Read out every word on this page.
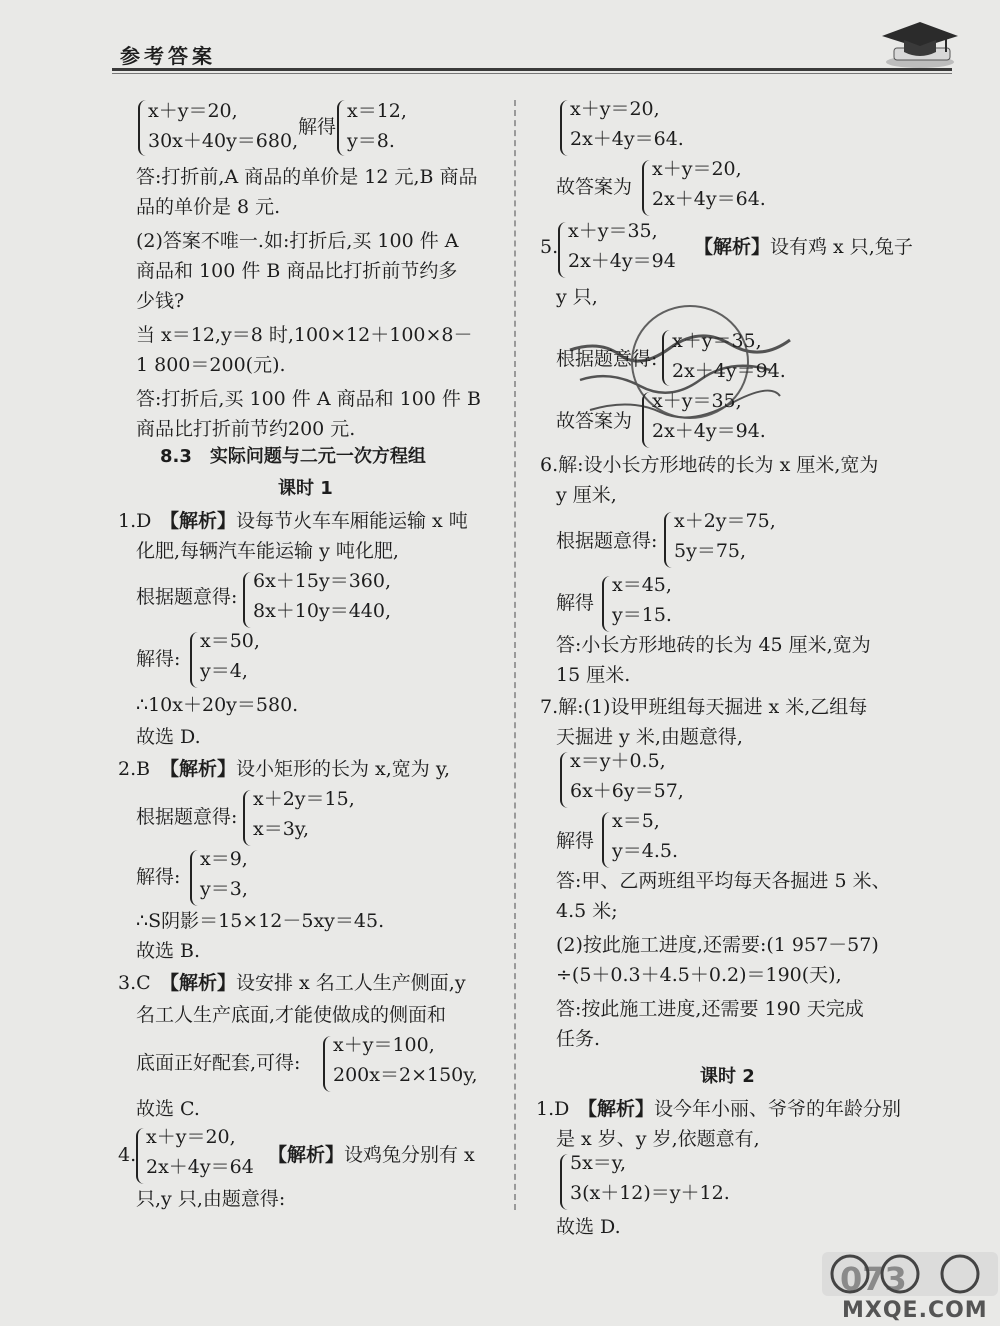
参考答案
x＋y＝20,
30x＋40y＝680,
解得
x＝12,
y＝8.
答:打折前,A 商品的单价是 12 元,B 商品
品的单价是 8 元.
(2)答案不唯一.如:打折后,买 100 件 A
商品和 100 件 B 商品比打折前节约多
少钱?
当 x＝12,y＝8 时,100×12＋100×8－
1 800＝200(元).
答:打折后,买 100 件 A 商品和 100 件 B
商品比打折前节约200 元.
8.3　实际问题与二元一次方程组
课时 1
1.D 【解析】 设每节火车车厢能运输 x 吨
化肥,每辆汽车能运输 y 吨化肥,
根据题意得:
6x＋15y＝360,
8x＋10y＝440,
解得:
x＝50,
y＝4,
∴10x＋20y＝580.
故选 D.
2.B 【解析】 设小矩形的长为 x,宽为 y,
根据题意得:
x＋2y＝15,
x＝3y,
解得:
x＝9,
y＝3,
∴S阴影＝15×12－5xy＝45.
故选 B.
3.C 【解析】 设安排 x 名工人生产侧面,y
名工人生产底面,才能使做成的侧面和
底面正好配套,可得:
x＋y＝100,
200x＝2×150y,
故选 C.
4.
x＋y＝20,
2x＋4y＝64
【解析】 设鸡兔分别有 x
只,y 只,由题意得:
x＋y＝20,
2x＋4y＝64.
故答案为
x＋y＝20,
2x＋4y＝64.
5.
x＋y＝35,
2x＋4y＝94
【解析】 设有鸡 x 只,兔子
y 只,
根据题意得:
x＋y＝35,
2x＋4y＝94.
故答案为
x＋y＝35,
2x＋4y＝94.
6.解:设小长方形地砖的长为 x 厘米,宽为
y 厘米,
根据题意得:
x＋2y＝75,
5y＝75,
解得
x＝45,
y＝15.
答:小长方形地砖的长为 45 厘米,宽为
15 厘米.
7.解:(1)设甲班组每天掘进 x 米,乙组每
天掘进 y 米,由题意得,
x＝y＋0.5,
6x＋6y＝57,
解得
x＝5,
y＝4.5.
答:甲、乙两班组平均每天各掘进 5 米、
4.5 米;
(2)按此施工进度,还需要:(1 957－57)
÷(5＋0.3＋4.5＋0.2)＝190(天),
答:按此施工进度,还需要 190 天完成
任务.
课时 2
1.D 【解析】 设今年小丽、爷爷的年龄分别
是 x 岁、y 岁,依题意有,
5x＝y,
3(x＋12)＝y＋12.
故选 D.
MXQE.COM
